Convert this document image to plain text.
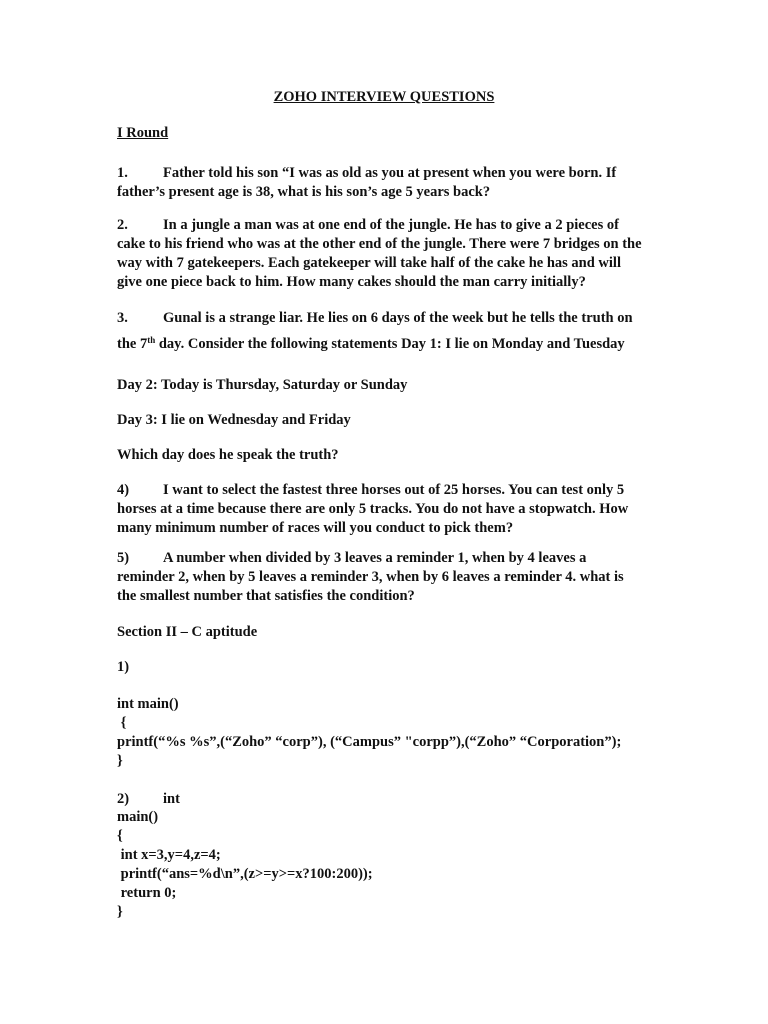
ZOHO INTERVIEW QUESTIONS
I Round
1. Father told his son “I was as old as you at present when you were born. If father’s present age is 38, what is his son’s age 5 years back?
2. In a jungle a man was at one end of the jungle. He has to give a 2 pieces of cake to his friend who was at the other end of the jungle. There were 7 bridges on the way with 7 gatekeepers. Each gatekeeper will take half of the cake he has and will give one piece back to him. How many cakes should the man carry initially?
3. Gunal is a strange liar. He lies on 6 days of the week but he tells the truth on
the 7th day. Consider the following statements Day 1: I lie on Monday and Tuesday
Day 2: Today is Thursday, Saturday or Sunday
Day 3: I lie on Wednesday and Friday
Which day does he speak the truth?
4) I want to select the fastest three horses out of 25 horses. You can test only 5 horses at a time because there are only 5 tracks. You do not have a stopwatch. How many minimum number of races will you conduct to pick them?
5) A number when divided by 3 leaves a reminder 1, when by 4 leaves a reminder 2, when by 5 leaves a reminder 3, when by 6 leaves a reminder 4. what is the smallest number that satisfies the condition?
Section II – C aptitude
1)
int main()
{
printf(“%s %s”,(“Zoho” “corp”), (“Campus” "corpp”),(“Zoho” “Corporation”);
}
2) int
main()
{
int x=3,y=4,z=4;
printf(“ans=%d\n”,(z>=y>=x?100:200));
return 0;
}
